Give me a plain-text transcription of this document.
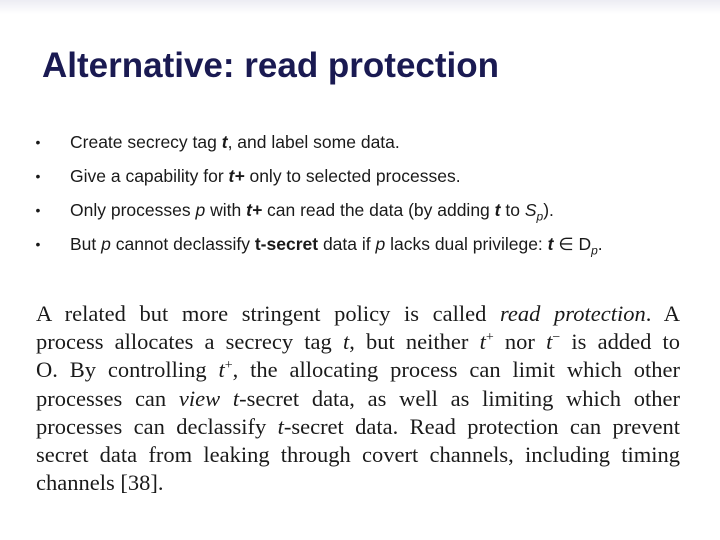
Alternative: read protection
•	Create secrecy tag t, and label some data.
•	Give a capability for t+ only to selected processes.
•	Only processes p with t+ can read the data (by adding t to $S_p$).
•	But p cannot declassify t-secret data if p lacks dual privilege: t ∈ $D_p$.
A related but more stringent policy is called read protection. A
process allocates a secrecy tag t, but neither t+ nor t− is added to
O. By controlling t+, the allocating process can limit which other
processes can view t-secret data, as well as limiting which other
processes can declassify t-secret data. Read protection can prevent
secret data from leaking through covert channels, including timing
channels [38].
